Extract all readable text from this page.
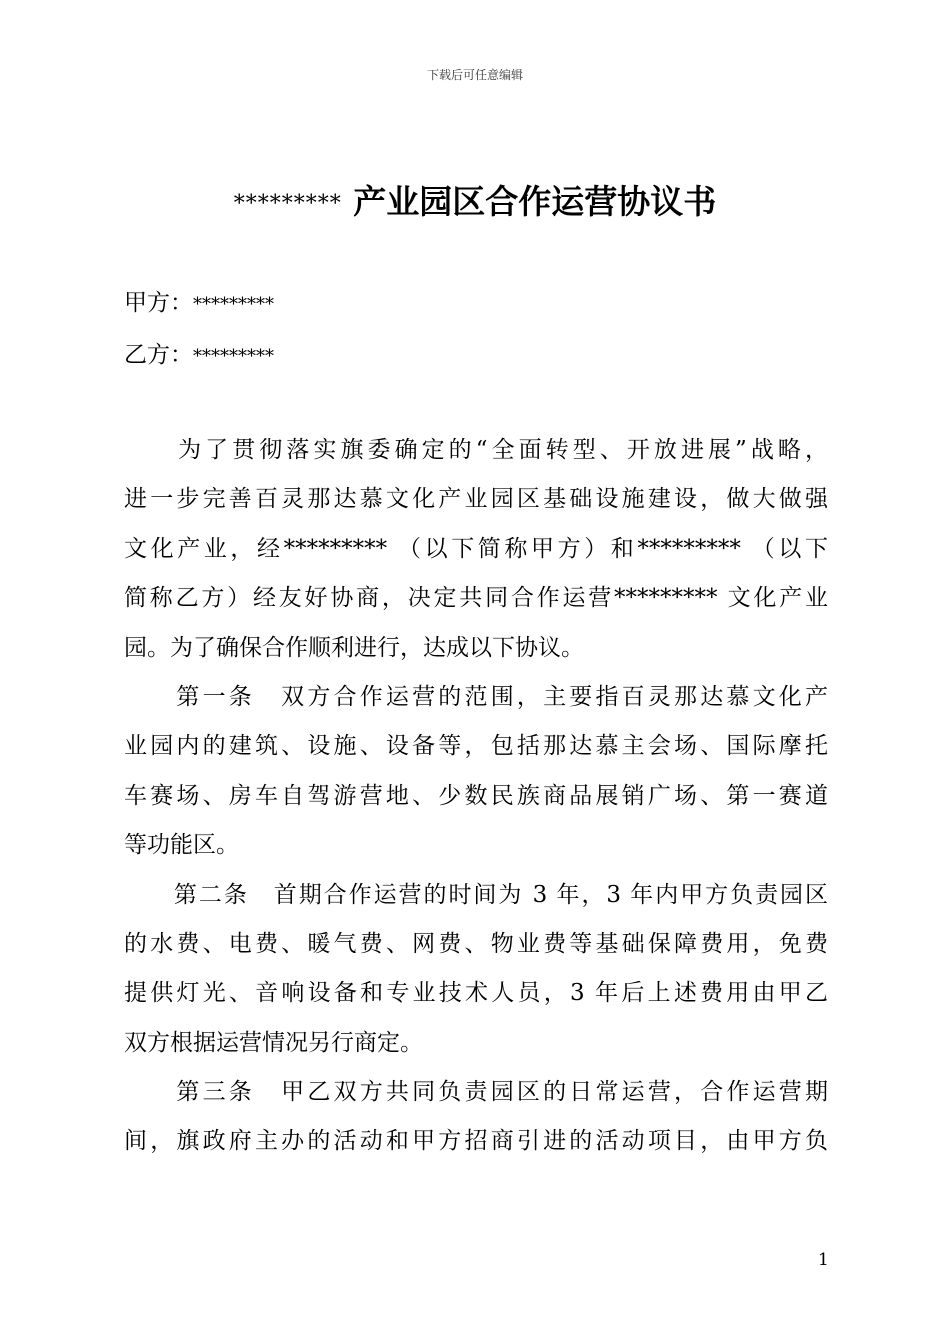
下载后可任意编辑
********* 产业园区合作运营协议书
甲方：*********
乙方：*********
　　为了贯彻落实旗委确定的“全面转型、开放进展”战略，
进一步完善百灵那达慕文化产业园区基础设施建设，做大做强
文化产业，经********* （以下简称甲方）和********* （以下
简称乙方）经友好协商，决定共同合作运营********* 文化产业
园。为了确保合作顺利进行，达成以下协议。
　　第一条　双方合作运营的范围，主要指百灵那达慕文化产
业园内的建筑、设施、设备等，包括那达慕主会场、国际摩托
车赛场、房车自驾游营地、少数民族商品展销广场、第一赛道
等功能区。
　　第二条　首期合作运营的时间为 3 年，3 年内甲方负责园区
的水费、电费、暖气费、网费、物业费等基础保障费用，免费
提供灯光、音响设备和专业技术人员，3 年后上述费用由甲乙
双方根据运营情况另行商定。
　　第三条　甲乙双方共同负责园区的日常运营，合作运营期
间，旗政府主办的活动和甲方招商引进的活动项目，由甲方负
1
